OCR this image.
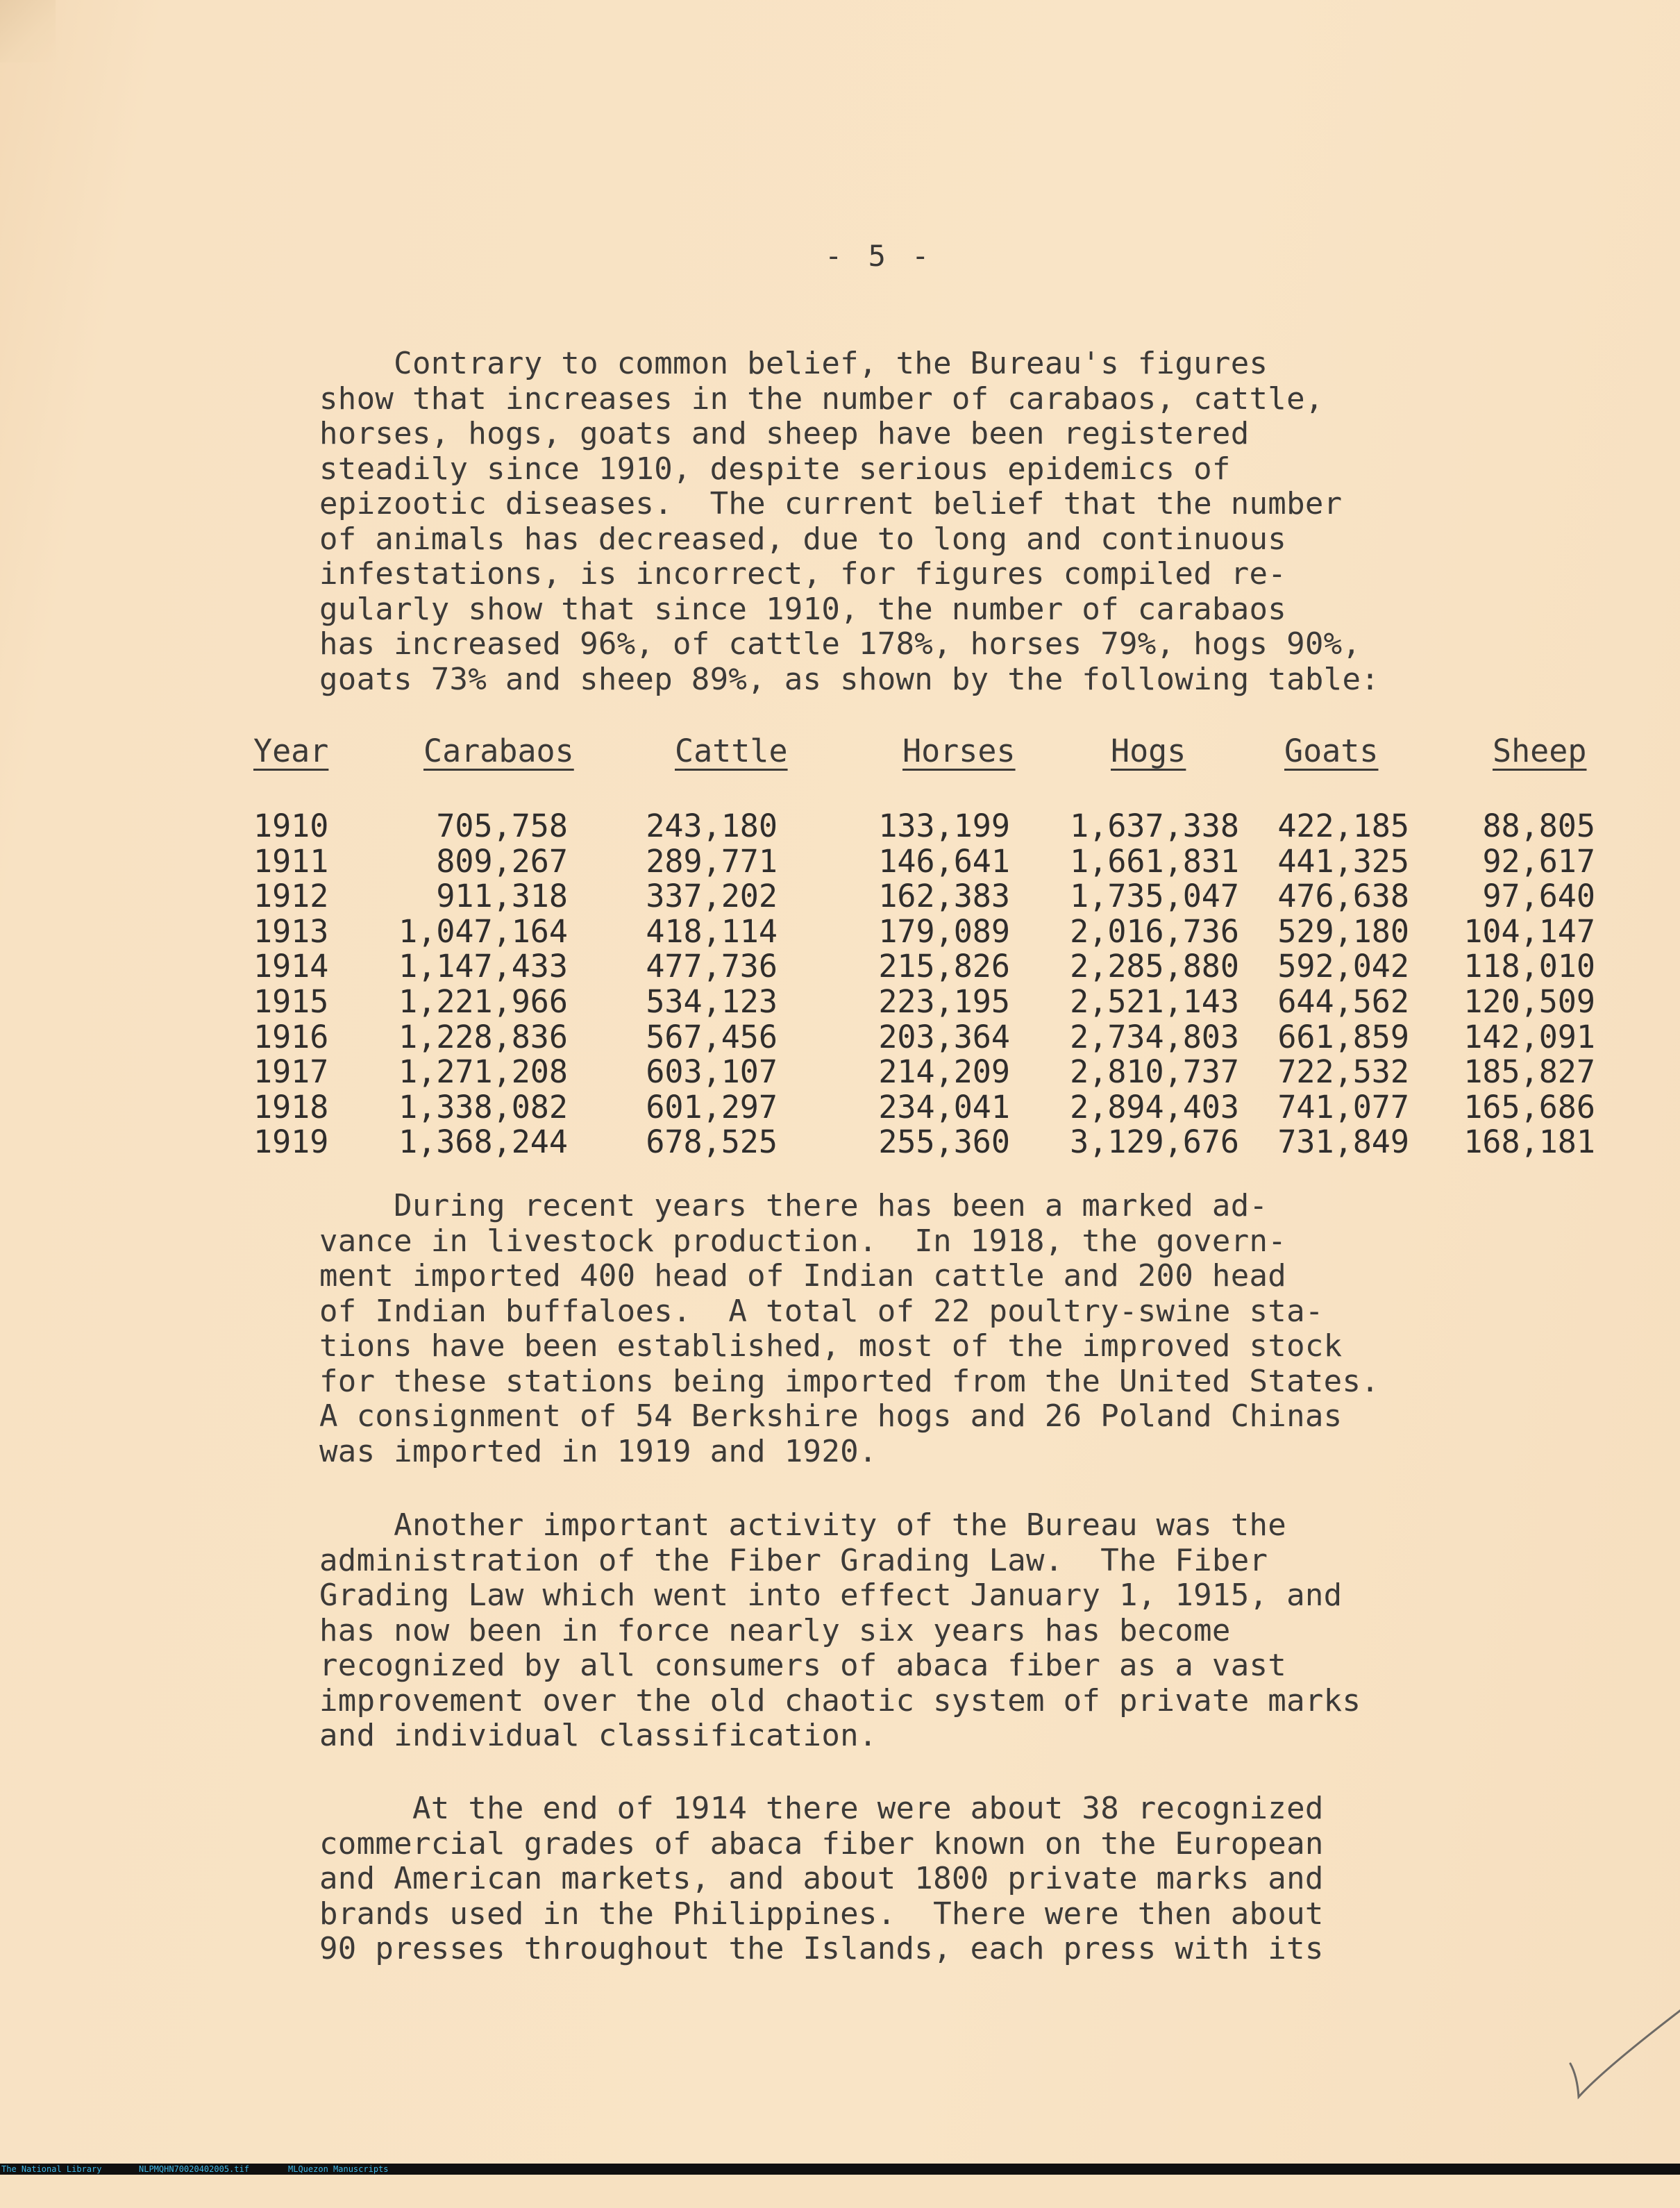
- 5 -

Contrary to common belief, the Bureau's figures
show that increases in the number of carabaos, cattle,
horses, hogs, goats and sheep have been registered
steadily since 1910, despite serious epidemics of
epizootic diseases.  The current belief that the number
of animals has decreased, due to long and continuous
infestations, is incorrect, for figures compiled re-
gularly show that since 1910, the number of carabaos
has increased 96%, of cattle 178%, horses 79%, hogs 90%,
goats 73% and sheep 89%, as shown by the following table:

Year	Carabaos	Cattle	Horses	Hogs	Goats	Sheep
1910	705,758 243,180	133,199 1,637,338 422,185 88,805
1911	809,267 289,771	146,641 1,661,831 441,325 92,617
1912	911,318 337,202	162,383 1,735,047 476,638 97,640
1913 1,047,164 418,114	179,089 2,016,736 529,180 104,147
1914 1,147,433 477,736	215,826 2,285,880 592,042 118,010
1915 1,221,966 534,123	223,195 2,521,143 644,562 120,509
1916 1,228,836 567,456	203,364 2,734,803 661,859 142,091
1917 1,271,208 603,107	214,209 2,810,737 722,532 185,827
1918 1,338,082 601,297	234,041 2,894,403 741,077 165,686
1919 1,368,244 678,525	255,360 3,129,676 731,849 168,181

During recent years there has been a marked ad-
vance in livestock production.  In 1918, the govern-
ment imported 400 head of Indian cattle and 200 head
of Indian buffaloes.  A total of 22 poultry-swine sta-
tions have been established, most of the improved stock
for these stations being imported from the United States.
A consignment of 54 Berkshire hogs and 26 Poland Chinas
was imported in 1919 and 1920.

Another important activity of the Bureau was the
administration of the Fiber Grading Law.  The Fiber
Grading Law which went into effect January 1, 1915, and
has now been in force nearly six years has become
recognized by all consumers of abaca fiber as a vast
improvement over the old chaotic system of private marks
and individual classification.

At the end of 1914 there were about 38 recognized
commercial grades of abaca fiber known on the European
and American markets, and about 1800 private marks and
brands used in the Philippines.  There were then about
90 presses throughout the Islands, each press with its

The National Library

	NLPMQHN70020402005.tif

	MLQuezon Manuscripts
